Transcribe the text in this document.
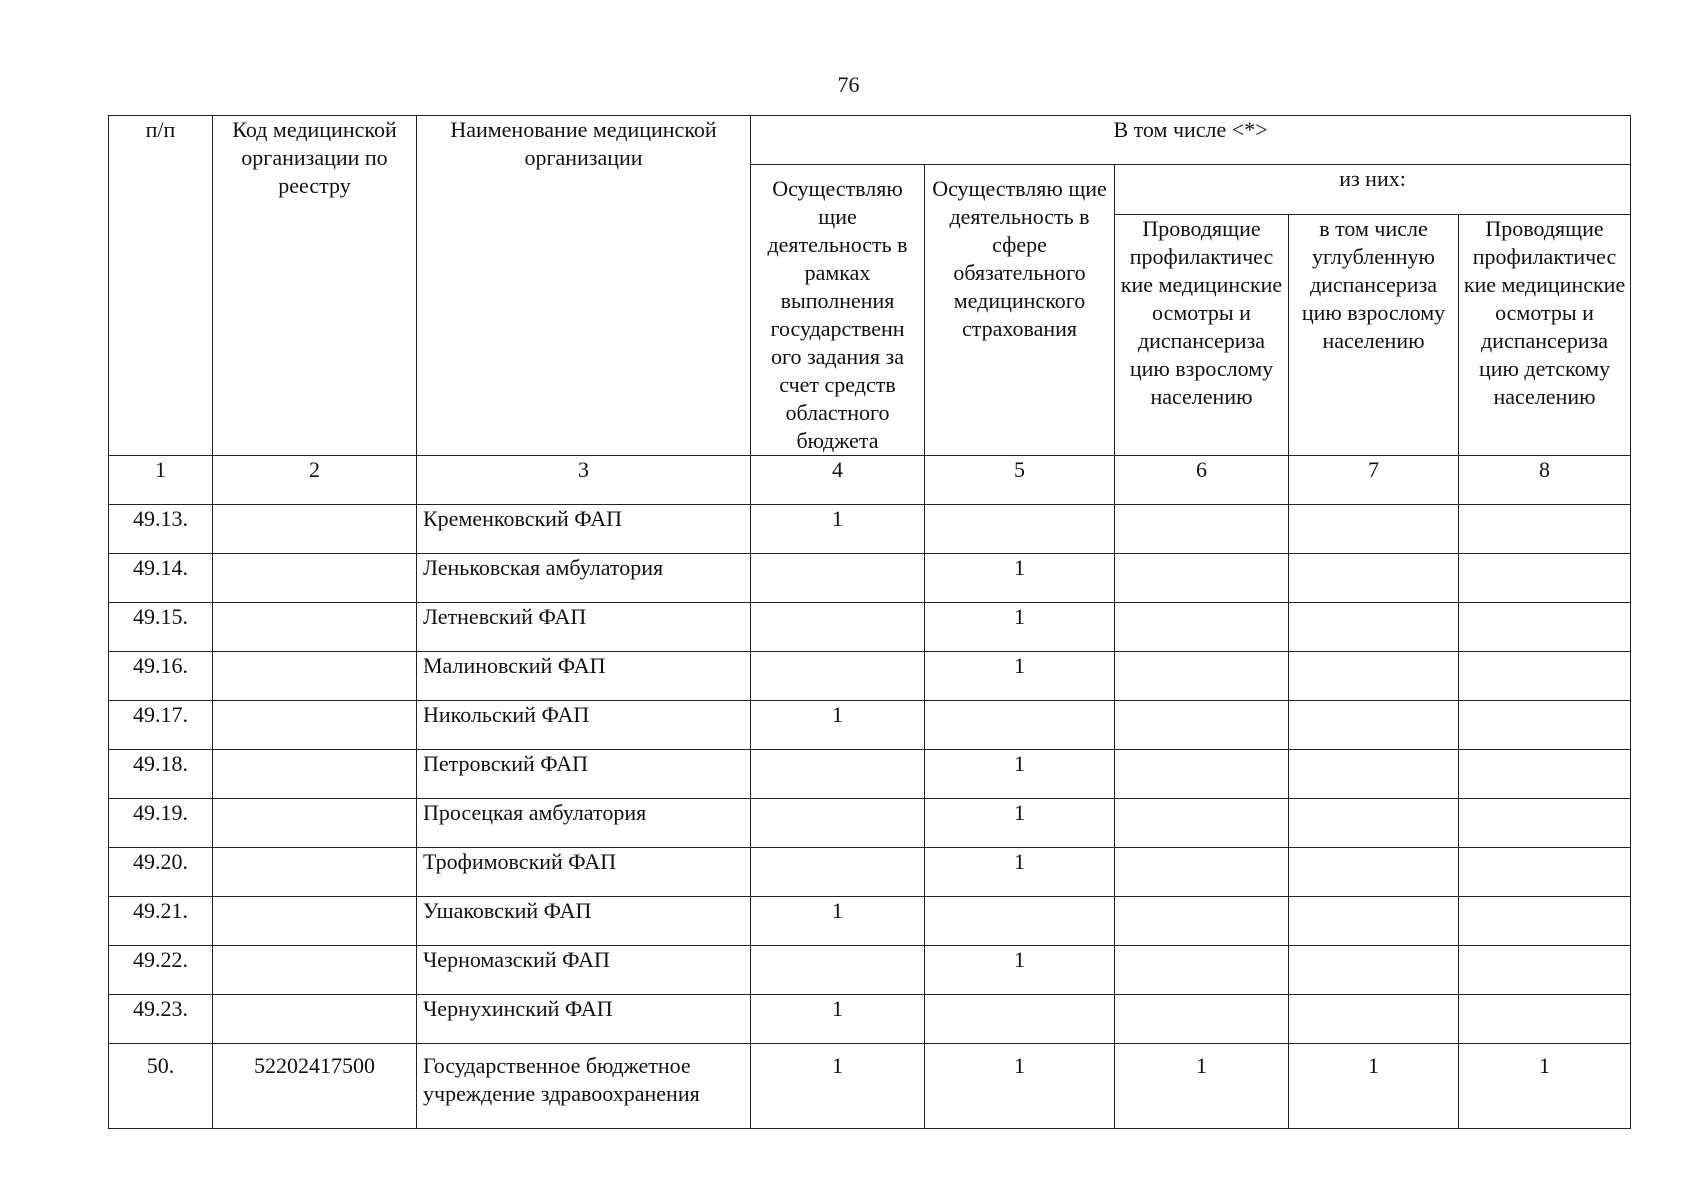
76
п/п	Код медицинской организации по реестру	Наименование медицинской организации	В том числе <*>				
			Осуществляю щие деятельность в рамках выполнения государственн ого задания за счет средств областного бюджета	Осуществляю щие деятельность в сфере обязательного медицинского страхования	из них:		
					Проводящие профилактичес кие медицинские осмотры и диспансериза цию взрослому населению	в том числе углубленную диспансериза цию взрослому населению	Проводящие профилактичес кие медицинские осмотры и диспансериза цию детскому населению
1	2	3	4	5	6	7	8
49.13.		Кременковский ФАП	1				
49.14.		Леньковская амбулатория		1			
49.15.		Летневский ФАП		1			
49.16.		Малиновский ФАП		1			
49.17.		Никольский ФАП	1				
49.18.		Петровский ФАП		1			
49.19.		Просецкая амбулатория		1			
49.20.		Трофимовский ФАП		1			
49.21.		Ушаковский ФАП	1				
49.22.		Черномазский ФАП		1			
49.23.		Чернухинский ФАП	1				
50.	52202417500	Государственное бюджетное учреждение здравоохранения	1	1	1	1	1
